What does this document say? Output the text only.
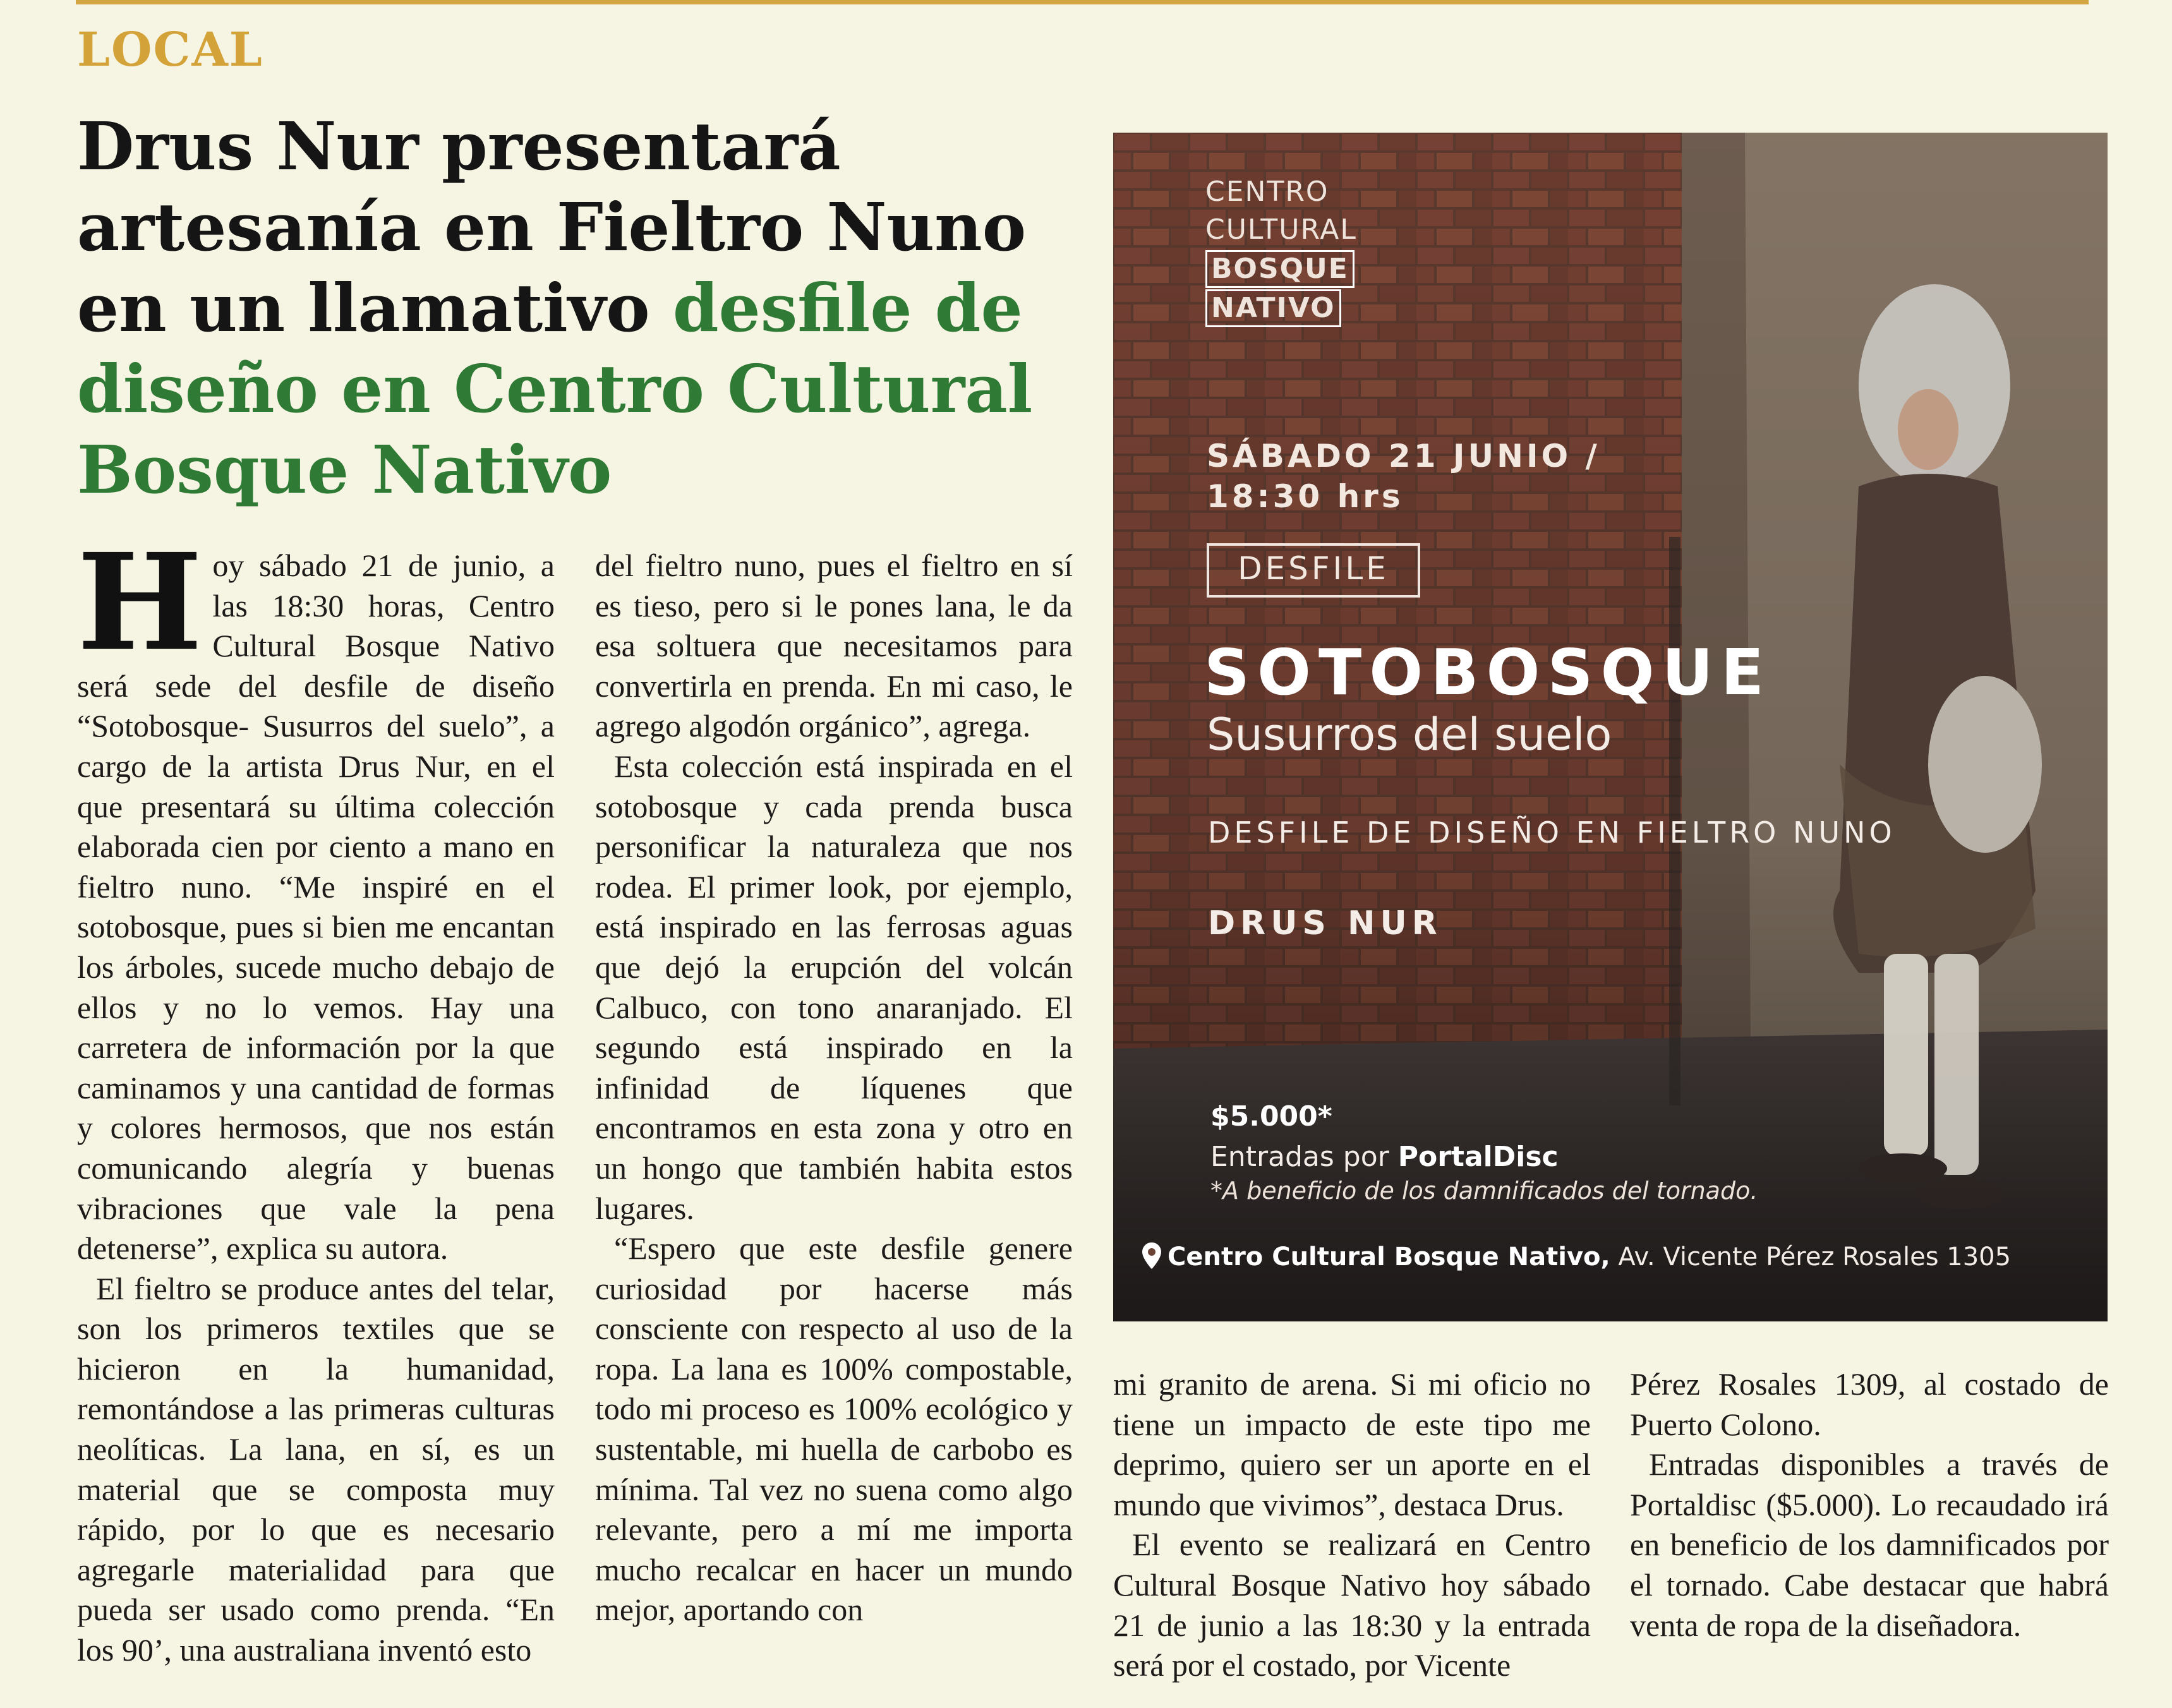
LOCAL
Drus Nur presentará artesanía en Fieltro Nuno en un llamativo desfile de diseño en Centro Cultural Bosque Nativo
H oy sábado 21 de junio, a las 18:30 horas, Centro Cultural Bosque Nativo será sede del desfile de diseño “Sotobosque- Susurros del suelo”, a cargo de la artista Drus Nur, en el que presentará su última colección elaborada cien por ciento a mano en fieltro nuno. “Me inspiré en el sotobosque, pues si bien me encantan los árboles, sucede mucho debajo de ellos y no lo vemos. Hay una carretera de información por la que caminamos y una cantidad de formas y colores hermosos, que nos están comunicando alegría y buenas vibraciones que vale la pena detenerse”, explica su autora.

El fieltro se produce antes del telar, son los primeros textiles que se hicieron en la humanidad, remontándose a las primeras culturas neolíticas. La lana, en sí, es un material que se composta muy rápido, por lo que es necesario agregarle materialidad para que pueda ser usado como prenda. “En los 90’, una australiana inventó esto

del fieltro nuno, pues el fieltro en sí es tieso, pero si le pones lana, le da esa soltuera que necesitamos para convertirla en prenda. En mi caso, le agrego algodón orgánico”, agrega.

Esta colección está inspirada en el sotobosque y cada prenda busca personificar la naturaleza que nos rodea. El primer look, por ejemplo, está inspirado en las ferrosas aguas que dejó la erupción del volcán Calbuco, con tono anaranjado. El segundo está inspirado en la infinidad de líquenes que encontramos en esta zona y otro en un hongo que también habita estos lugares.

“Espero que este desfile genere curiosidad por hacerse más consciente con respecto al uso de la ropa. La lana es 100% compostable, todo mi proceso es 100% ecológico y sustentable, mi huella de carbobo es mínima. Tal vez no suena como algo relevante, pero a mí me importa mucho recalcar en hacer un mundo mejor, aportando con

mi granito de arena. Si mi oficio no tiene un impacto de este tipo me deprimo, quiero ser un aporte en el mundo que vivimos”, destaca Drus.

El evento se realizará en Centro Cultural Bosque Nativo hoy sábado 21 de junio a las 18:30 y la entrada será por el costado, por Vicente

Pérez Rosales 1309, al costado de Puerto Colono.

Entradas disponibles a través de Portaldisc ($5.000). Lo recaudado irá en beneficio de los damnificados por el tornado. Cabe destacar que habrá venta de ropa de la diseñadora.

CENTRO
CULTURAL
BOSQUE
NATIVO
SÁBADO 21 JUNIO /
18:30 hrs
DESFILE
SOTOBOSQUE
Susurros del suelo
DESFILE DE DISEÑO EN FIELTRO NUNO
DRUS NUR
$5.000*
Entradas por PortalDisc
*A beneficio de los damnificados del tornado.
Centro Cultural Bosque Nativo, Av. Vicente Pérez Rosales 1305
